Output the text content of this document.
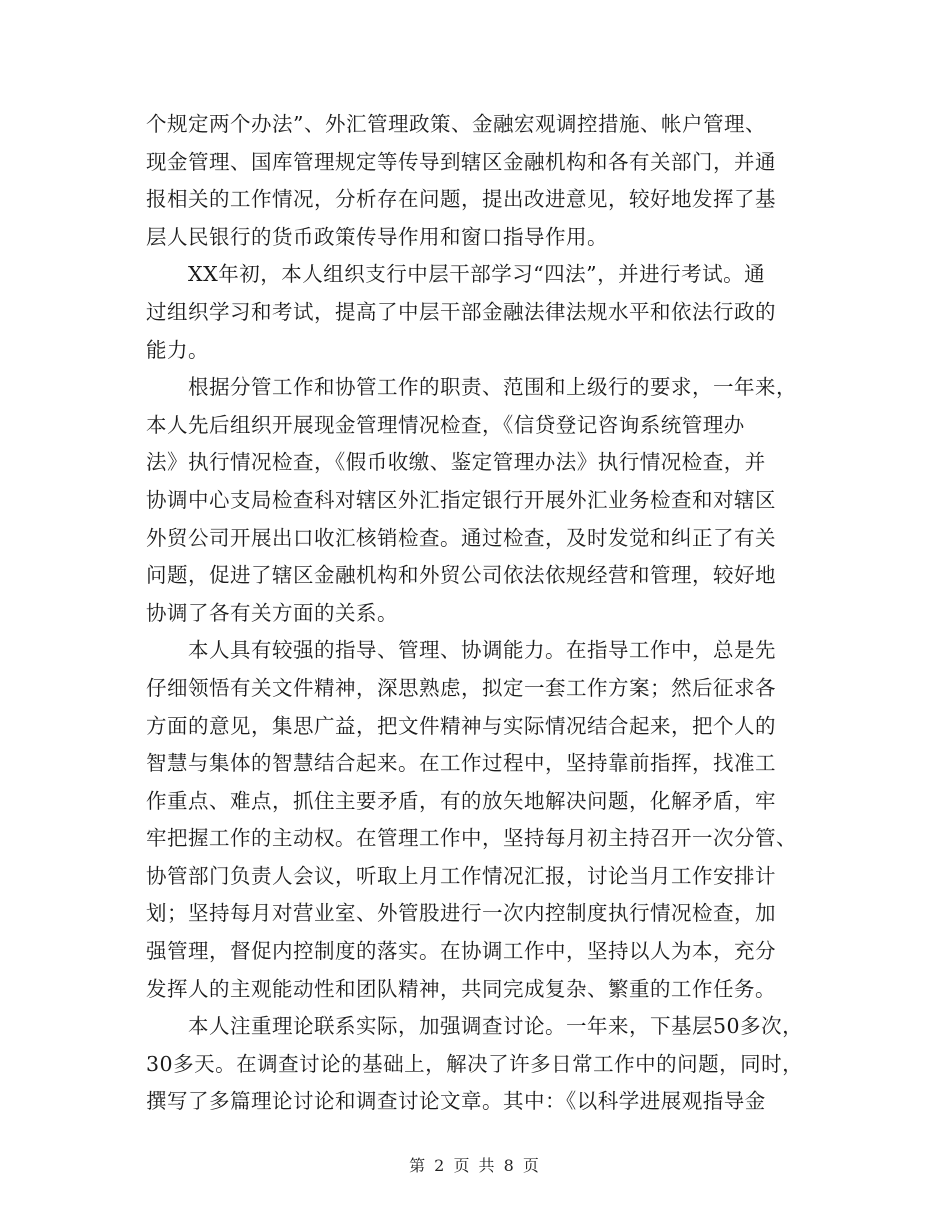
个规定两个办法”、外汇管理政策、金融宏观调控措施、帐户管理、
现金管理、国库管理规定等传导到辖区金融机构和各有关部门，并通
报相关的工作情况，分析存在问题，提出改进意见，较好地发挥了基
层人民银行的货币政策传导作用和窗口指导作用。
　　XX年初，本人组织支行中层干部学习“四法”，并进行考试。通
过组织学习和考试，提高了中层干部金融法律法规水平和依法行政的
能力。
　　根据分管工作和协管工作的职责、范围和上级行的要求，一年来，
本人先后组织开展现金管理情况检查，《信贷登记咨询系统管理办
法》执行情况检查，《假币收缴、鉴定管理办法》执行情况检查，并
协调中心支局检查科对辖区外汇指定银行开展外汇业务检查和对辖区
外贸公司开展出口收汇核销检查。通过检查，及时发觉和纠正了有关
问题，促进了辖区金融机构和外贸公司依法依规经营和管理，较好地
协调了各有关方面的关系。
　　本人具有较强的指导、管理、协调能力。在指导工作中，总是先
仔细领悟有关文件精神，深思熟虑，拟定一套工作方案；然后征求各
方面的意见，集思广益，把文件精神与实际情况结合起来，把个人的
智慧与集体的智慧结合起来。在工作过程中，坚持靠前指挥，找准工
作重点、难点，抓住主要矛盾，有的放矢地解决问题，化解矛盾，牢
牢把握工作的主动权。在管理工作中，坚持每月初主持召开一次分管、
协管部门负责人会议，听取上月工作情况汇报，讨论当月工作安排计
划；坚持每月对营业室、外管股进行一次内控制度执行情况检查，加
强管理，督促内控制度的落实。在协调工作中，坚持以人为本，充分
发挥人的主观能动性和团队精神，共同完成复杂、繁重的工作任务。
　　本人注重理论联系实际，加强调查讨论。一年来，下基层50多次，
30多天。在调查讨论的基础上，解决了许多日常工作中的问题，同时，
撰写了多篇理论讨论和调查讨论文章。其中：《以科学进展观指导金
第 2 页 共 8 页
